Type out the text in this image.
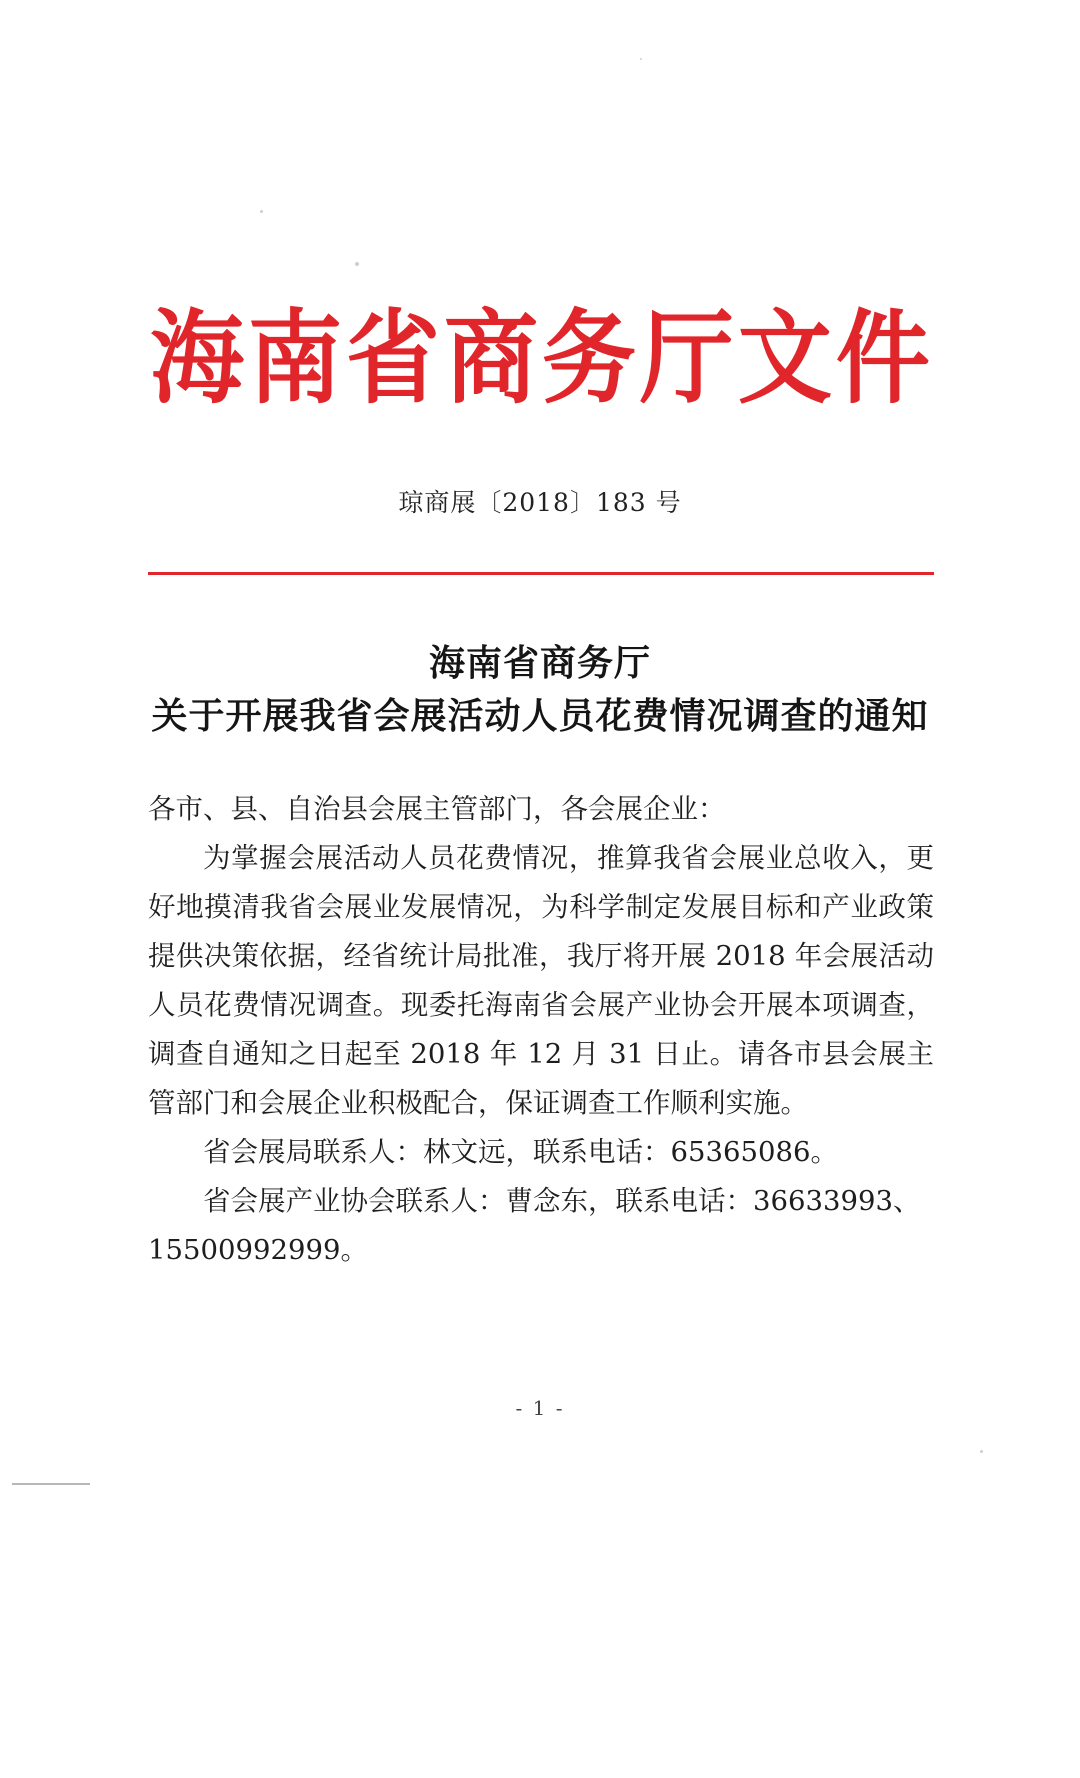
海 南 省 商 务 厅 文 件
琼商展〔2018〕183 号
海南省商务厅
关于开展我省会展活动人员花费情况调查的通知
各市、县、自治县会展主管部门，各会展企业：
为掌握会展活动人员花费情况，推算我省会展业总收入，更好地摸清我省会展业发展情况，为科学制定发展目标和产业政策提供决策依据，经省统计局批准，我厅将开展 2018 年会展活动人员花费情况调查。现委托海南省会展产业协会开展本项调查，调查自通知之日起至 2018 年 12 月 31 日止。请各市县会展主管部门和会展企业积极配合，保证调查工作顺利实施。
省会展局联系人：林文远，联系电话：65365086。
省会展产业协会联系人：曹念东，联系电话：36633993、15500992999。
- 1 -
